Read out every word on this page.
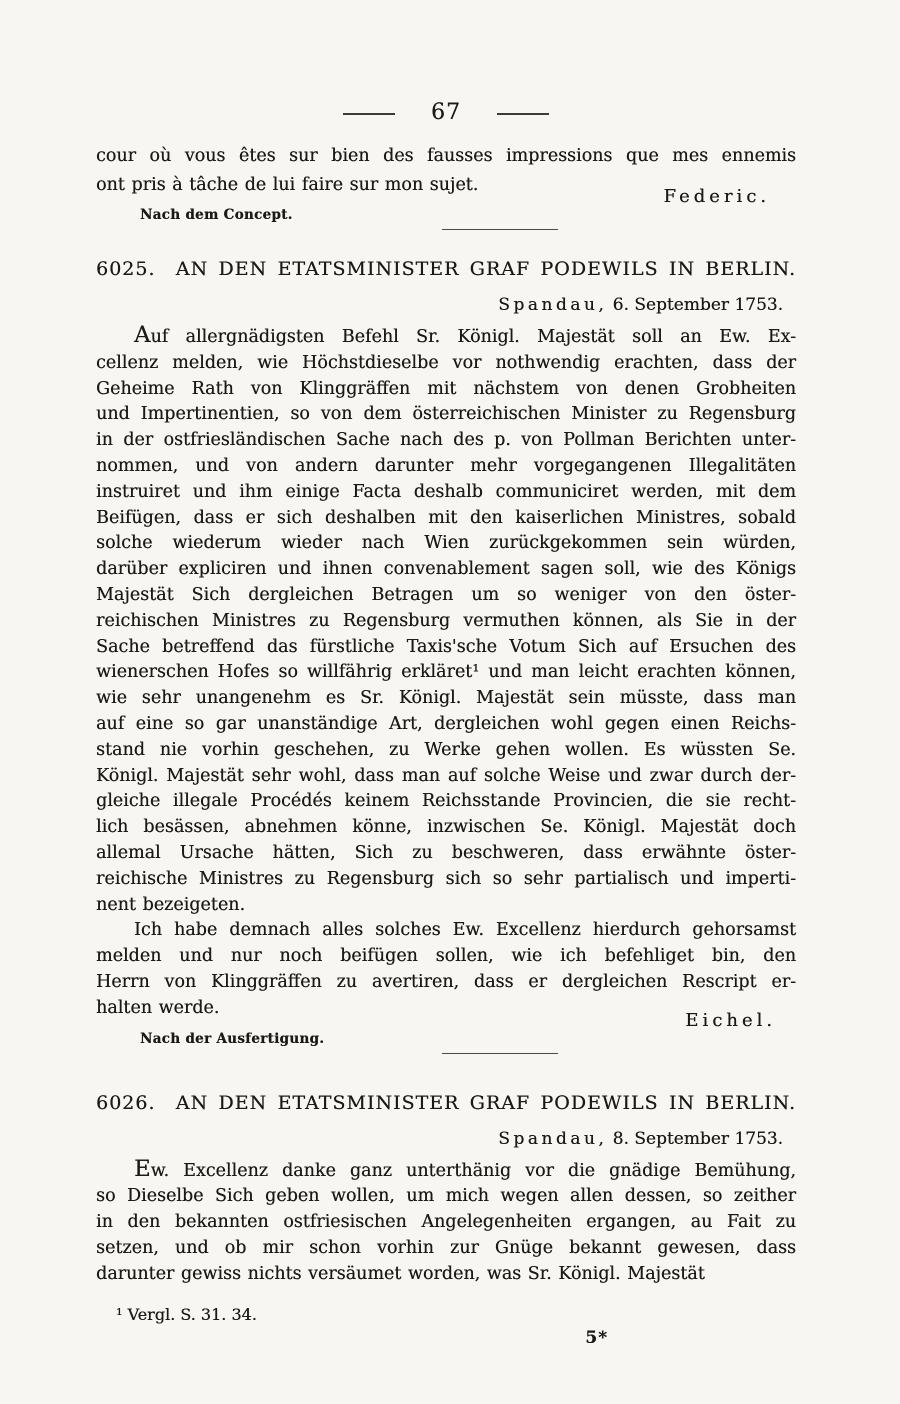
67
cour où vous êtes sur bien des fausses impressions que mes ennemis
ont pris à tâche de lui faire sur mon sujet.
Federic.
Nach dem Concept.
6025. AN DEN ETATSMINISTER GRAF PODEWILS IN BERLIN.
Spandau, 6. September 1753.
Auf allergnädigsten Befehl Sr. Königl. Majestät soll an Ew. Ex-
cellenz melden, wie Höchstdieselbe vor nothwendig erachten, dass der
Geheime Rath von Klinggräffen mit nächstem von denen Grobheiten
und Impertinentien, so von dem österreichischen Minister zu Regensburg
in der ostfriesländischen Sache nach des p. von Pollman Berichten unter-
nommen, und von andern darunter mehr vorgegangenen Illegalitäten
instruiret und ihm einige Facta deshalb communiciret werden, mit dem
Beifügen, dass er sich deshalben mit den kaiserlichen Ministres, sobald
solche wiederum wieder nach Wien zurückgekommen sein würden,
darüber expliciren und ihnen convenablement sagen soll, wie des Königs
Majestät Sich dergleichen Betragen um so weniger von den öster-
reichischen Ministres zu Regensburg vermuthen können, als Sie in der
Sache betreffend das fürstliche Taxis'sche Votum Sich auf Ersuchen des
wienerschen Hofes so willfährig erkläret¹ und man leicht erachten können,
wie sehr unangenehm es Sr. Königl. Majestät sein müsste, dass man
auf eine so gar unanständige Art, dergleichen wohl gegen einen Reichs-
stand nie vorhin geschehen, zu Werke gehen wollen. Es wüssten Se.
Königl. Majestät sehr wohl, dass man auf solche Weise und zwar durch der-
gleiche illegale Procédés keinem Reichsstande Provincien, die sie recht-
lich besässen, abnehmen könne, inzwischen Se. Königl. Majestät doch
allemal Ursache hätten, Sich zu beschweren, dass erwähnte öster-
reichische Ministres zu Regensburg sich so sehr partialisch und imperti-
nent bezeigeten.
Ich habe demnach alles solches Ew. Excellenz hierdurch gehorsamst
melden und nur noch beifügen sollen, wie ich befehliget bin, den
Herrn von Klinggräffen zu avertiren, dass er dergleichen Rescript er-
halten werde.
Eichel.
Nach der Ausfertigung.
6026. AN DEN ETATSMINISTER GRAF PODEWILS IN BERLIN.
Spandau, 8. September 1753.
Ew. Excellenz danke ganz unterthänig vor die gnädige Bemühung,
so Dieselbe Sich geben wollen, um mich wegen allen dessen, so zeither
in den bekannten ostfriesischen Angelegenheiten ergangen, au Fait zu
setzen, und ob mir schon vorhin zur Gnüge bekannt gewesen, dass
darunter gewiss nichts versäumet worden, was Sr. Königl. Majestät
¹ Vergl. S. 31. 34.
5*
